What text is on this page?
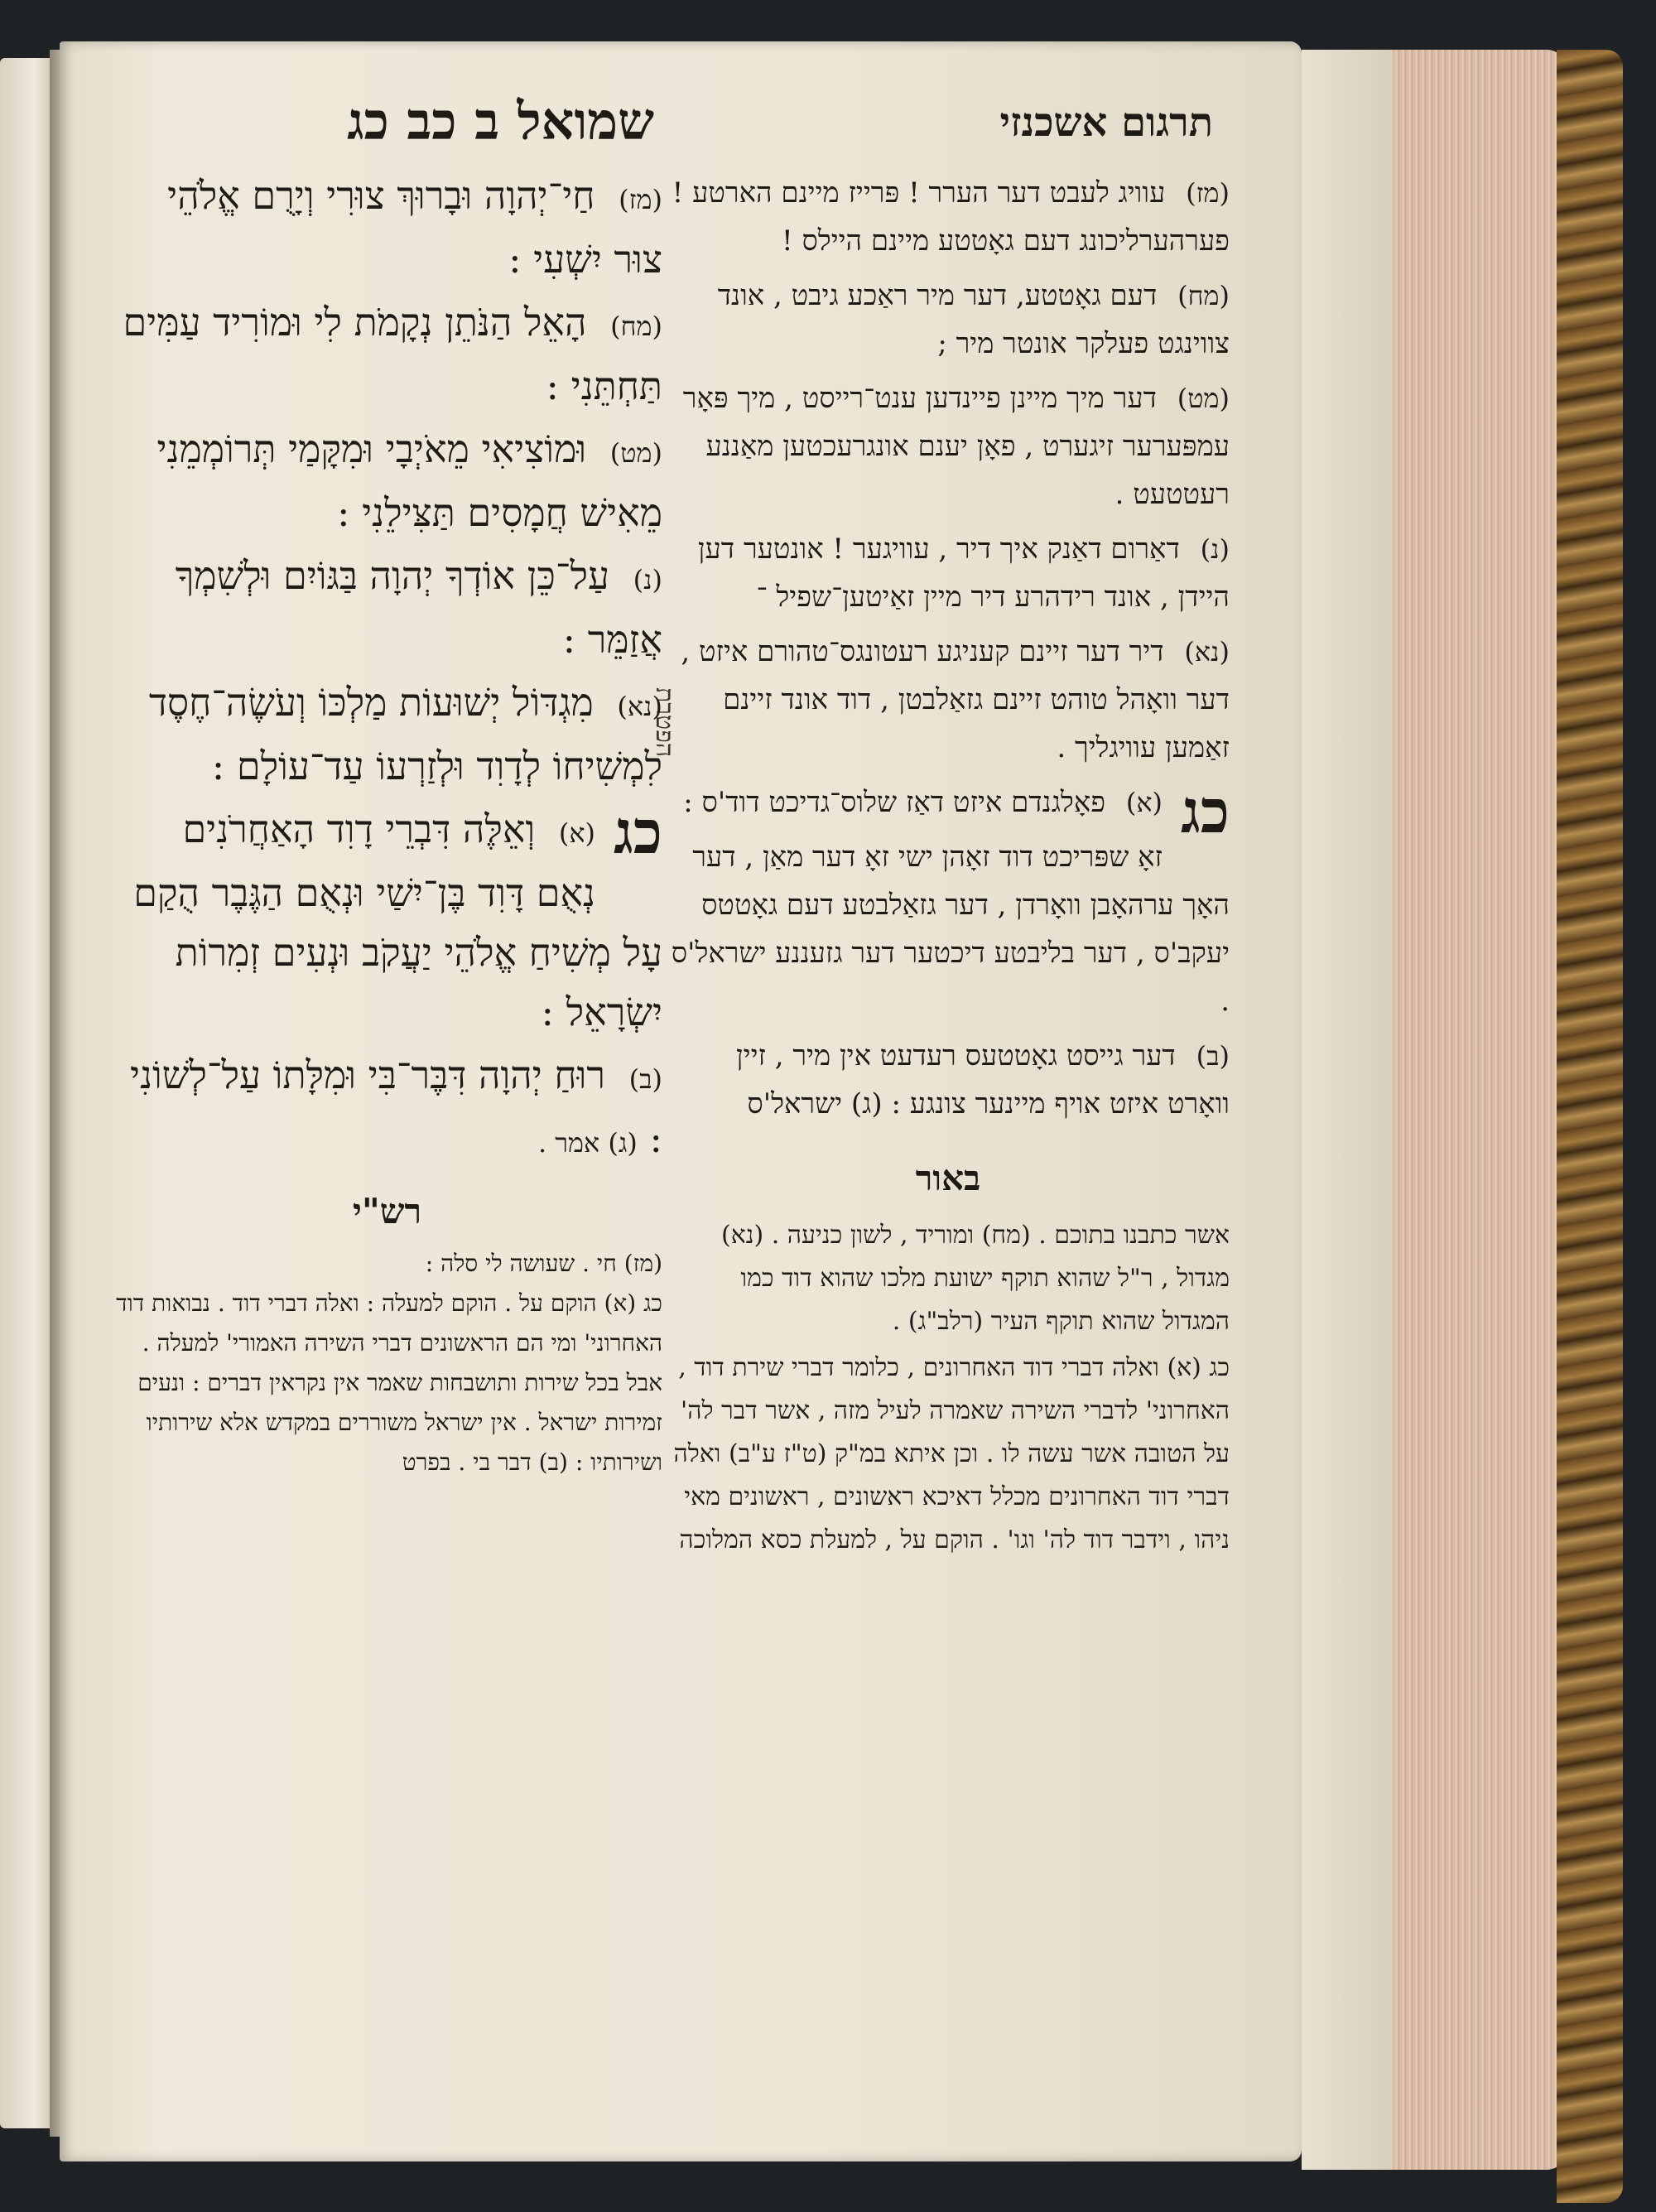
תרגום אשכנזי
(מז) עוויג לעבט דער הערר ! פּרייז מיינם הארטע ! פערהערליכונג דעם גאָטטע מיינם היילס !
(מח) דעם גאָטטע, דער מיר ראַכע גיבט , אונד צווינגט פעלקר אונטר מיר ;
(מט) דער מיך מיינן פיינדען ענט־רייסט , מיך פּאָר עמפּערער זיגערט , פאָן יענם אונגרעכטען מאַננע רעטטעט .
(נ) דאַרום דאַנק איך דיר , עוויגער ! אונטער דען היידן , אונד רידהרע דיר מיין זאַיטען־שפיל ־
(נא) דיר דער זיינם קעניגע רעטונגס־טהורם איזט , דער וואָהל טוהט זיינם גזאַלבטן , דוד אונד זיינם זאַמען עוויגליך .
כג
(א) פאָלגנדם איזט דאַז שלוס־גדיכט דוד'ס :
זאָ שפּריכט דוד זאָהן ישי זאָ דער מאַן , דער האָך ערהאָבן וואָרדן , דער גזאַלבטע דעם גאָטטס יעקב'ס , דער בליבטע דיכטער דער גזעננע ישראל'ס .
(ב) דער גייסט גאָטטעס רעדעט אין מיר , זיין וואָרט איזט אויף מיינער צונגע : (ג) ישראל'ס
באור

אשר כתבנו בתוכם . (מח) ומוריד , לשון כניעה . (נא) מגדול , ר"ל שהוא תוקף ישועת מלכו שהוא דוד כמו המגדול שהוא תוקף העיר (רלב"ג) .

כג (א) ואלה דברי דוד האחרונים , כלומר דברי שירת דוד , האחרוני' לדברי השירה שאמרה לעיל מזה , אשר דבר לה' על הטובה אשר עשה לו . וכן איתא במ"ק (ט"ז ע"ב) ואלה דברי דוד האחרונים מכלל דאיכא ראשונים , ראשונים מאי ניהו , וידבר דוד לה' וגו' . הוקם על , למעלת כסא המלוכה

הפטרת
שמואל ב כב כג
(מז) חַי־יְהוָה וּבָרוּךְ צוּרִי וְיָרֻם אֱלֹהֵי צוּר יִשְׁעִי :
(מח) הָאֵל הַנֹּתֵן נְקָמֹת לִי וּמוֹרִיד עַמִּים תַּחְתֵּנִי :
(מט) וּמוֹצִיאִי מֵאֹיְבָי וּמִקָּמַי תְּרוֹמְמֵנִי מֵאִישׁ חֲמָסִים תַּצִּילֵנִי :
(נ) עַל־כֵּן אוֹדְךָ יְהוָה בַּגּוֹיִם וּלְשִׁמְךָ אֲזַמֵּר :
(נא) מִגְדּוֹל יְשׁוּעוֹת מַלְכּוֹ וְעֹשֶׂה־חֶסֶד לִמְשִׁיחוֹ לְדָוִד וּלְזַרְעוֹ עַד־עוֹלָם :
כג
(א) וְאֵלֶּה דִּבְרֵי דָוִד הָאַחֲרֹנִים נְאֻם דָּוִד בֶּן־יִשַׁי וּנְאֻם הַגֶּבֶר הֻקַם עָל מְשִׁיחַ אֱלֹהֵי יַעֲקֹב וּנְעִים זְמִרוֹת יִשְׂרָאֵל :
(ב) רוּחַ יְהוָה דִּבֶּר־בִּי וּמִלָּתוֹ עַל־לְשׁוֹנִי : (ג) אמר .
רש"י

(מז) חי . שעושה לי סלה :

כג (א) הוקם על . הוקם למעלה : ואלה דברי דוד . נבואות דוד האחרוני' ומי הם הראשונים דברי השירה האמורי' למעלה . אבל בכל שירות ותושבחות שאמר אין נקראין דברים : ונעים זמירות ישראל . אין ישראל משוררים במקדש אלא שירותיו ושירותיו : (ב) דבר בי . בפרט
